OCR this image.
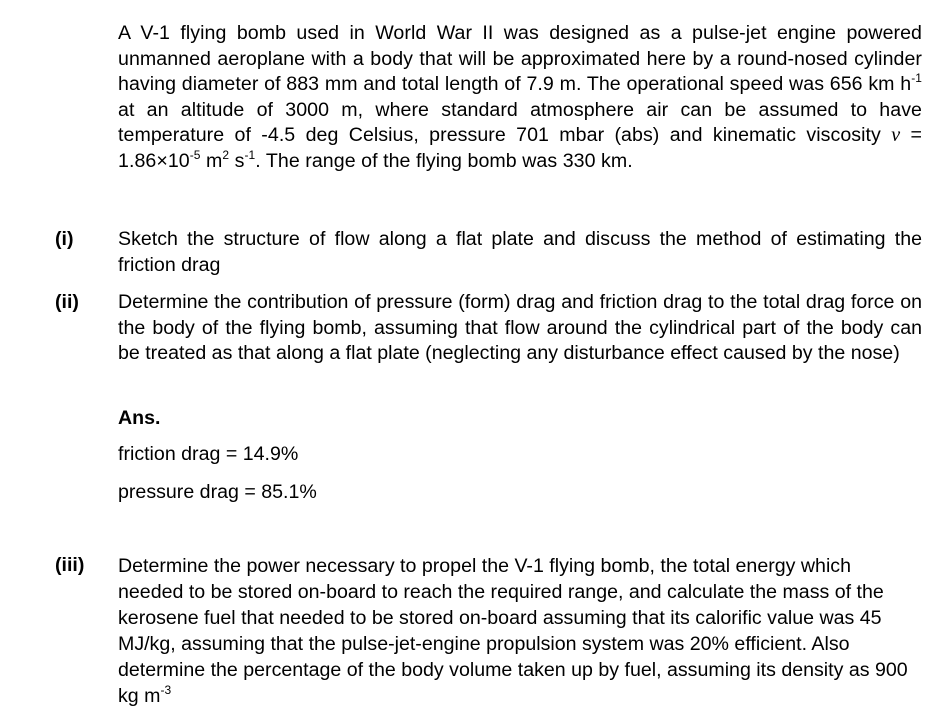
A V-1 flying bomb used in World War II was designed as a pulse-jet engine powered unmanned aeroplane with a body that will be approximated here by a round-nosed cylinder having diameter of 883 mm and total length of 7.9 m. The operational speed was 656 km $h^{-1}$ at an altitude of 3000 m, where standard atmosphere air can be assumed to have temperature of -4.5 deg Celsius, pressure 701 mbar (abs) and kinematic viscosity $\nu = 1.86\times 10^{-5}$ $m^2$ $s^{-1}$. The range of the flying bomb was 330 km.

(i) Sketch the structure of flow along a flat plate and discuss the method of estimating the friction drag

(ii) Determine the contribution of pressure (form) drag and friction drag to the total drag force on the body of the flying bomb, assuming that flow around the cylindrical part of the body can be treated as that along a flat plate (neglecting any disturbance effect caused by the nose)

Ans.

friction drag = 14.9%

pressure drag = 85.1%

(iii) Determine the power necessary to propel the V-1 flying bomb, the total energy which needed to be stored on-board to reach the required range, and calculate the mass of the kerosene fuel that needed to be stored on-board assuming that its calorific value was 45 MJ/kg, assuming that the pulse-jet-engine propulsion system was 20% efficient. Also determine the percentage of the body volume taken up by fuel, assuming its density as 900 kg $m^{-3}$
